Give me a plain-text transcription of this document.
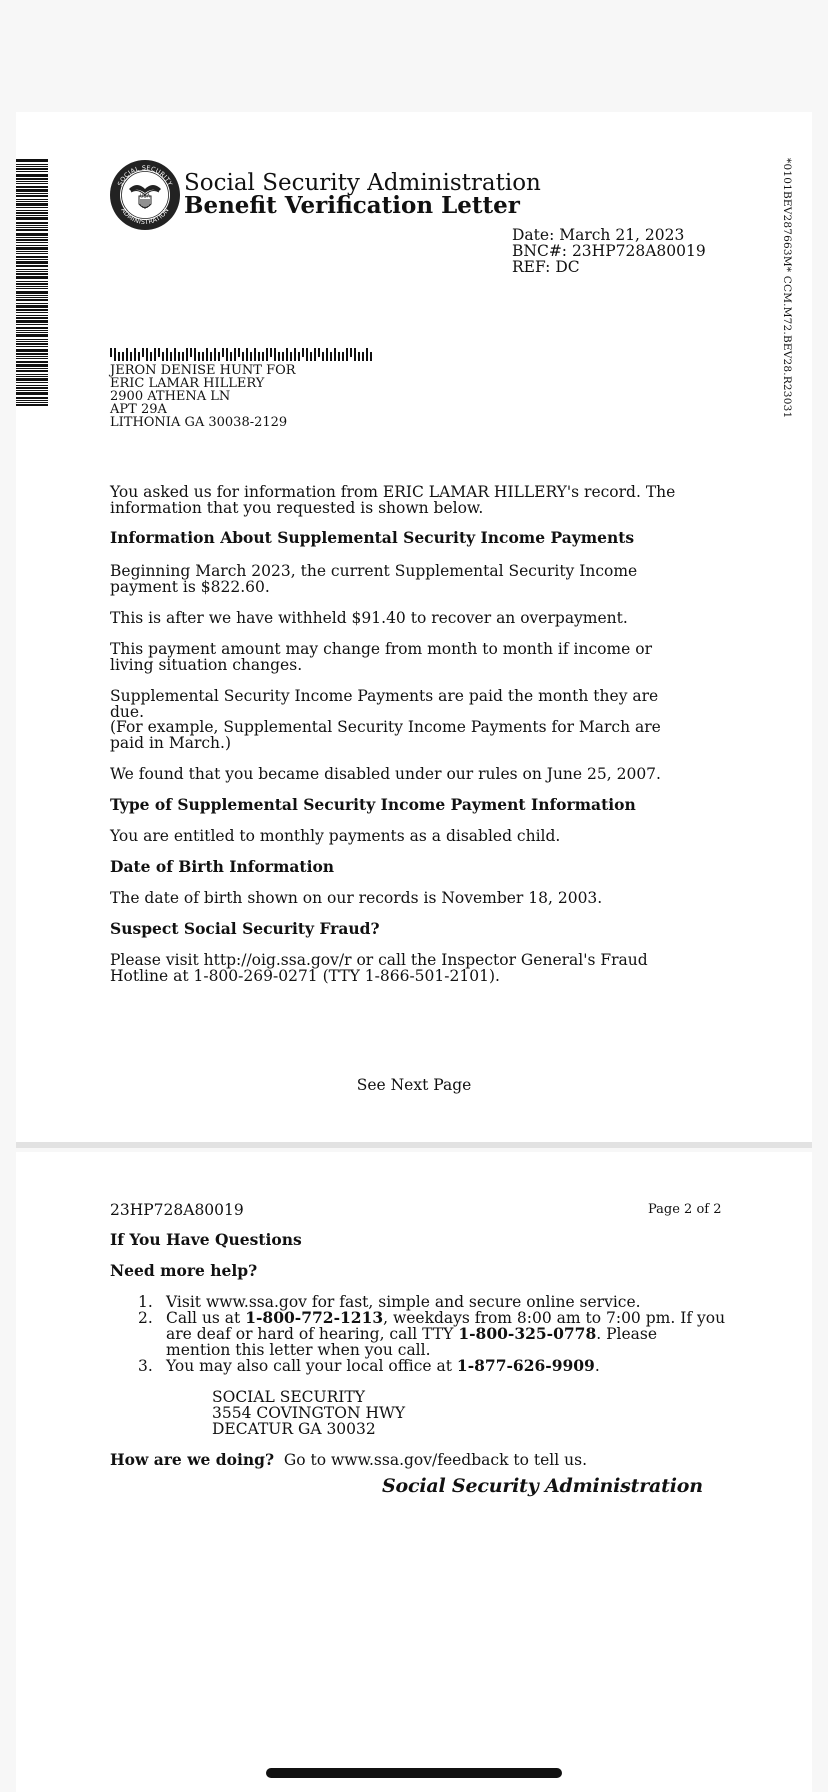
USA
SOCIAL SECURITY
ADMINISTRATION
Social Security Administration
Benefit Verification Letter
Date: March 21, 2023
BNC#: 23HP728A80019
REF: DC	*0101BEV287663M* CCM.M72.BEV28.R23031
JERON DENISE HUNT FOR
ERIC LAMAR HILLERY
2900 ATHENA LN
APT 29A
LITHONIA GA 30038-2129
You asked us for information from ERIC LAMAR HILLERY's record. The information that you requested is shown below.
Information About Supplemental Security Income Payments
Beginning March 2023, the current Supplemental Security Income payment is $822.60.
This is after we have withheld $91.40 to recover an overpayment.
This payment amount may change from month to month if income or living situation changes.
Supplemental Security Income Payments are paid the month they are due.
(For example, Supplemental Security Income Payments for March are paid in March.)
We found that you became disabled under our rules on June 25, 2007.
Type of Supplemental Security Income Payment Information
You are entitled to monthly payments as a disabled child.
Date of Birth Information
The date of birth shown on our records is November 18, 2003.
Suspect Social Security Fraud?
Please visit http://oig.ssa.gov/r or call the Inspector General's Fraud Hotline at 1-800-269-0271 (TTY 1-866-501-2101).
See Next Page
23HP728A80019	Page 2 of 2
If You Have Questions
Need more help?
1. Visit www.ssa.gov for fast, simple and secure online service.
2. Call us at 1-800-772-1213, weekdays from 8:00 am to 7:00 pm. If you are deaf or hard of hearing, call TTY 1-800-325-0778. Please mention this letter when you call.
3. You may also call your local office at 1-877-626-9909.
SOCIAL SECURITY
3554 COVINGTON HWY
DECATUR GA 30032
How are we doing?  Go to www.ssa.gov/feedback to tell us.
Social Security Administration
